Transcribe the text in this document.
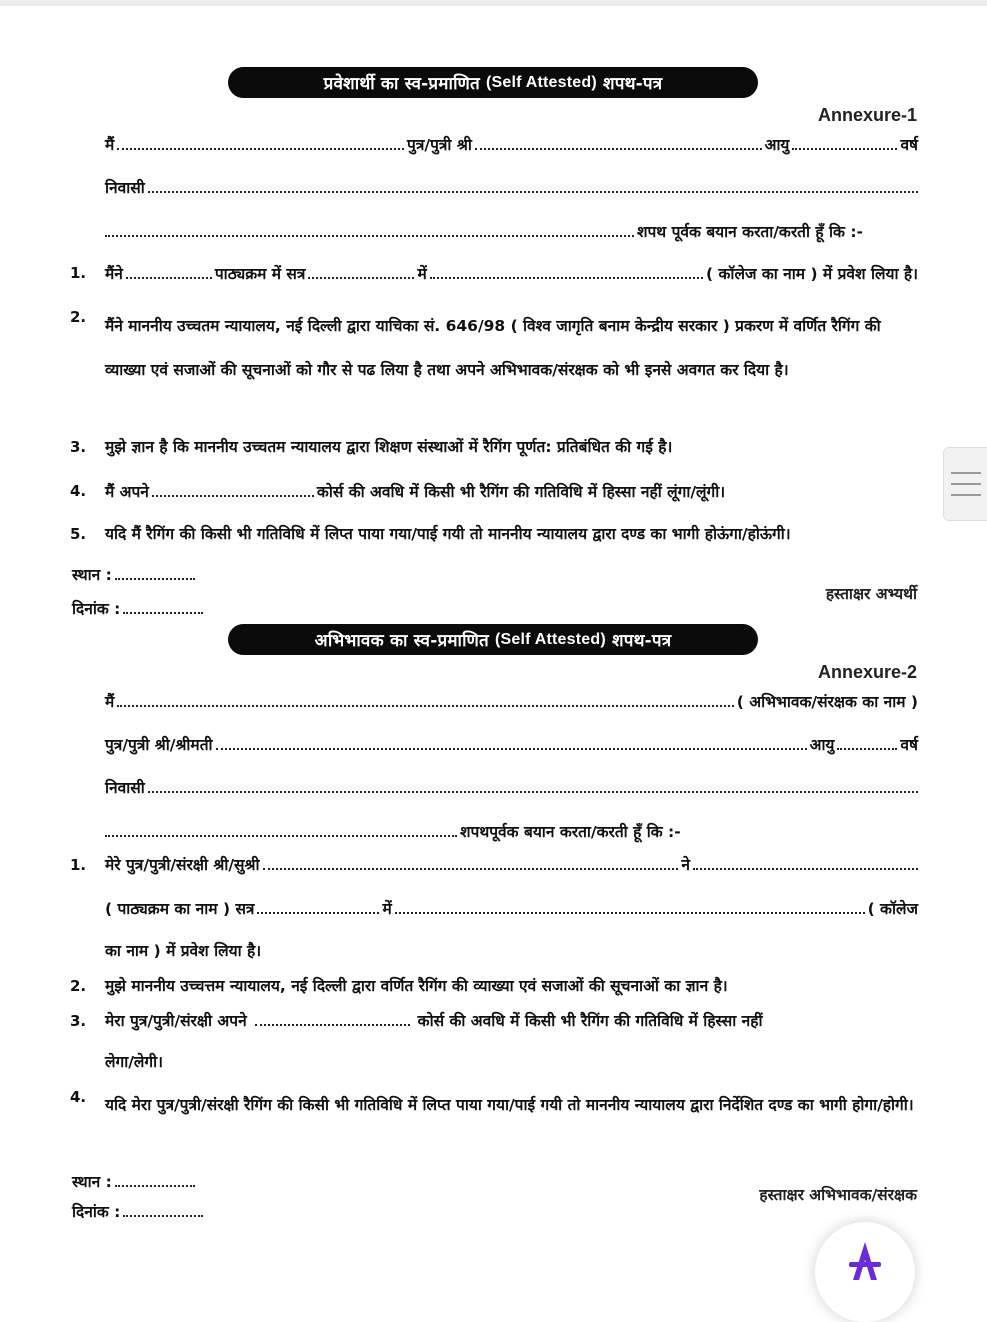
प्रवेशार्थी का स्व-प्रमाणित
(Self Attested)
शपथ-पत्र
Annexure-1
मैं	पुत्र/पुत्री श्री	आयु	वर्ष
निवासी
शपथ पूर्वक बयान करता/करती हूँ कि :-
1. मैंने	पाठ्यक्रम में सत्र	में	( कॉलेज का नाम ) में प्रवेश लिया है।
2. मैंने माननीय उच्चतम न्यायालय, नई दिल्ली द्वारा याचिका सं. 646/98 ( विश्व जागृति बनाम केन्द्रीय सरकार ) प्रकरण में वर्णित रैगिंग की व्याख्या एवं सजाओं की सूचनाओं को गौर से पढ लिया है तथा अपने अभिभावक/संरक्षक को भी इनसे अवगत कर दिया है।
3. मुझे ज्ञान है कि माननीय उच्चतम न्यायालय द्वारा शिक्षण संस्थाओं में रैगिंग पूर्णत: प्रतिबंधित की गई है।
4. मैं अपने	कोर्स की अवधि में किसी भी रैगिंग की गतिविधि में हिस्सा नहीं लूंगा/लूंगी।
5. यदि मैं रैगिंग की किसी भी गतिविधि में लिप्त पाया गया/पाई गयी तो माननीय न्यायालय द्वारा दण्ड का भागी होऊंगा/होऊंगी।
स्थान :
हस्ताक्षर अभ्यर्थी
दिनांक :
अभिभावक का स्व-प्रमाणित
(Self Attested)
शपथ-पत्र
Annexure-2
मैं	( अभिभावक/संरक्षक का नाम )
पुत्र/पुत्री श्री/श्रीमती	आयु	वर्ष
निवासी
शपथपूर्वक बयान करता/करती हूँ कि :-
1. मेरे पुत्र/पुत्री/संरक्षी श्री/सुश्री	ने
( पाठ्यक्रम का नाम ) सत्र	में	( कॉलेज
का नाम ) में प्रवेश लिया है।
2. मुझे माननीय उच्चत्तम न्यायालय, नई दिल्ली द्वारा वर्णित रैगिंग की व्याख्या एवं सजाओं की सूचनाओं का ज्ञान है।
3. मेरा पुत्र/पुत्री/संरक्षी अपने	कोर्स की अवधि में किसी भी रैगिंग की गतिविधि में हिस्सा नहीं
लेगा/लेगी।
4. यदि मेरा पुत्र/पुत्री/संरक्षी रैगिंग की किसी भी गतिविधि में लिप्त पाया गया/पाई गयी तो माननीय न्यायालय द्वारा निर्देशित दण्ड का भागी होगा/होगी।
स्थान :
हस्ताक्षर अभिभावक/संरक्षक
दिनांक :
